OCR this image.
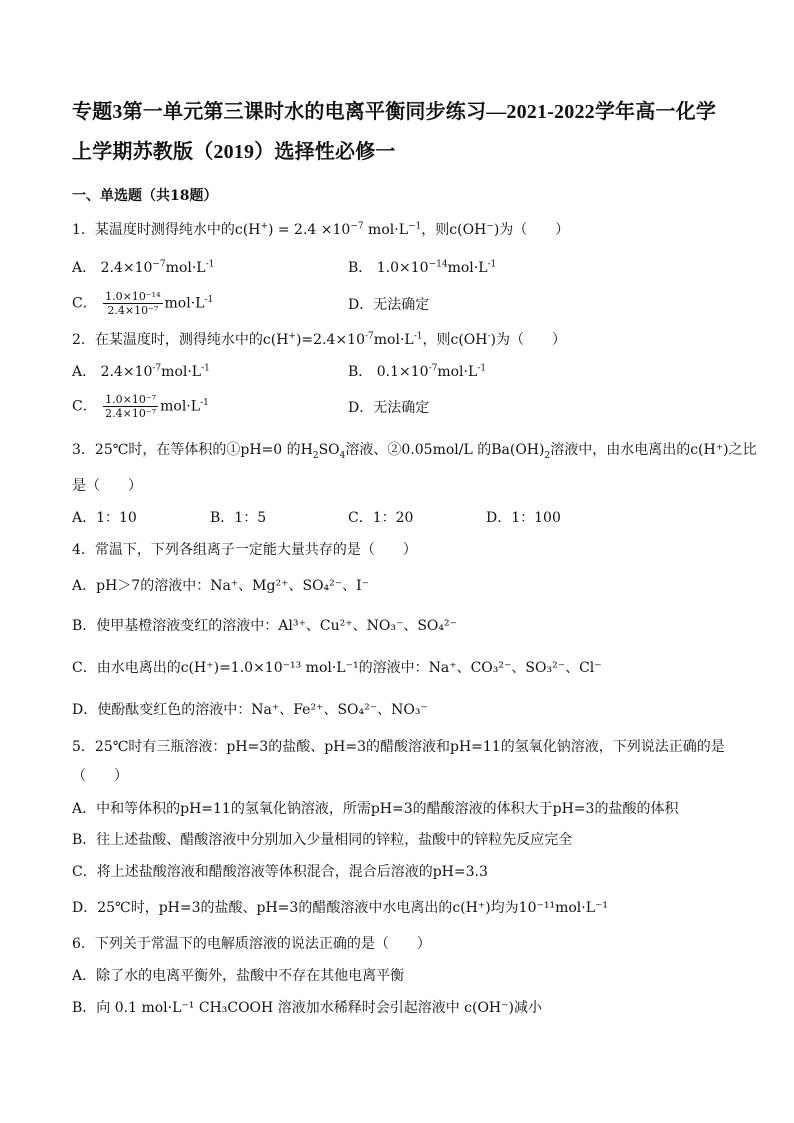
专题3第一单元第三课时水的电离平衡同步练习—2021-2022学年高一化学上学期苏教版（2019）选择性必修一
一、单选题（共18题）
1．某温度时测得纯水中的$c(H^+) = 2.4 \times 10^{-7}$ $mol\cdot L^{-1}$，则c(OH−)为（　　）
A． $2.4\times 10^{-7}mol\cdot L^{-1}$	B． $1.0\times 10^{-14}mol\cdot L^{-1}$
C． $\frac{\text{1.0×10⁻¹⁴}}{\text{2.4×10⁻⁷}} mol\cdot L^{-1}$	D．无法确定
2．在某温度时，测得纯水中的$c(H^+)=2.4\times 10^{-7}mol\cdot L^{-1}$，则c(OH-)为（　　）
A． $2.4\times 10^{-7}mol\cdot L^{-1}$	B． $0.1\times 10^{-7}mol\cdot L^{-1}$
C． $\frac{\text{1.0×10⁻⁷}}{\text{2.4×10⁻⁷}} mol\cdot L^{-1}$	D．无法确定
3．25℃时，在等体积的①pH=0 的$H_2SO_4$溶液、②0.05mol/L 的$Ba(OH)_2$溶液中，由水电离出的c(H⁺)之比
是（　　）
A．1：10	B．1：5	C．1：20	D．1：100
4．常温下，下列各组离子一定能大量共存的是（　　）
A．pH＞7的溶液中：Na⁺、Mg²⁺、SO₄²⁻、I⁻
B．使甲基橙溶液变红的溶液中：Al³⁺、Cu²⁺、NO₃⁻、SO₄²⁻
C．由水电离出的c(H⁺)=1.0×10⁻¹³ mol·L⁻¹的溶液中：Na⁺、CO₃²⁻、SO₃²⁻、Cl⁻
D．使酚酞变红色的溶液中：Na⁺、Fe²⁺、SO₄²⁻、NO₃⁻
5．25℃时有三瓶溶液：pH=3的盐酸、pH=3的醋酸溶液和pH=11的氢氧化钠溶液，下列说法正确的是
（　　）
A．中和等体积的pH=11的氢氧化钠溶液，所需pH=3的醋酸溶液的体积大于pH=3的盐酸的体积
B．往上述盐酸、醋酸溶液中分别加入少量相同的锌粒，盐酸中的锌粒先反应完全
C．将上述盐酸溶液和醋酸溶液等体积混合，混合后溶液的pH=3.3
D．25℃时，pH=3的盐酸、pH=3的醋酸溶液中水电离出的c(H⁺)均为10⁻¹¹mol·L⁻¹
6．下列关于常温下的电解质溶液的说法正确的是（　　）
A．除了水的电离平衡外，盐酸中不存在其他电离平衡
B．向 0.1 mol·L⁻¹ CH₃COOH 溶液加水稀释时会引起溶液中 c(OH⁻)减小
